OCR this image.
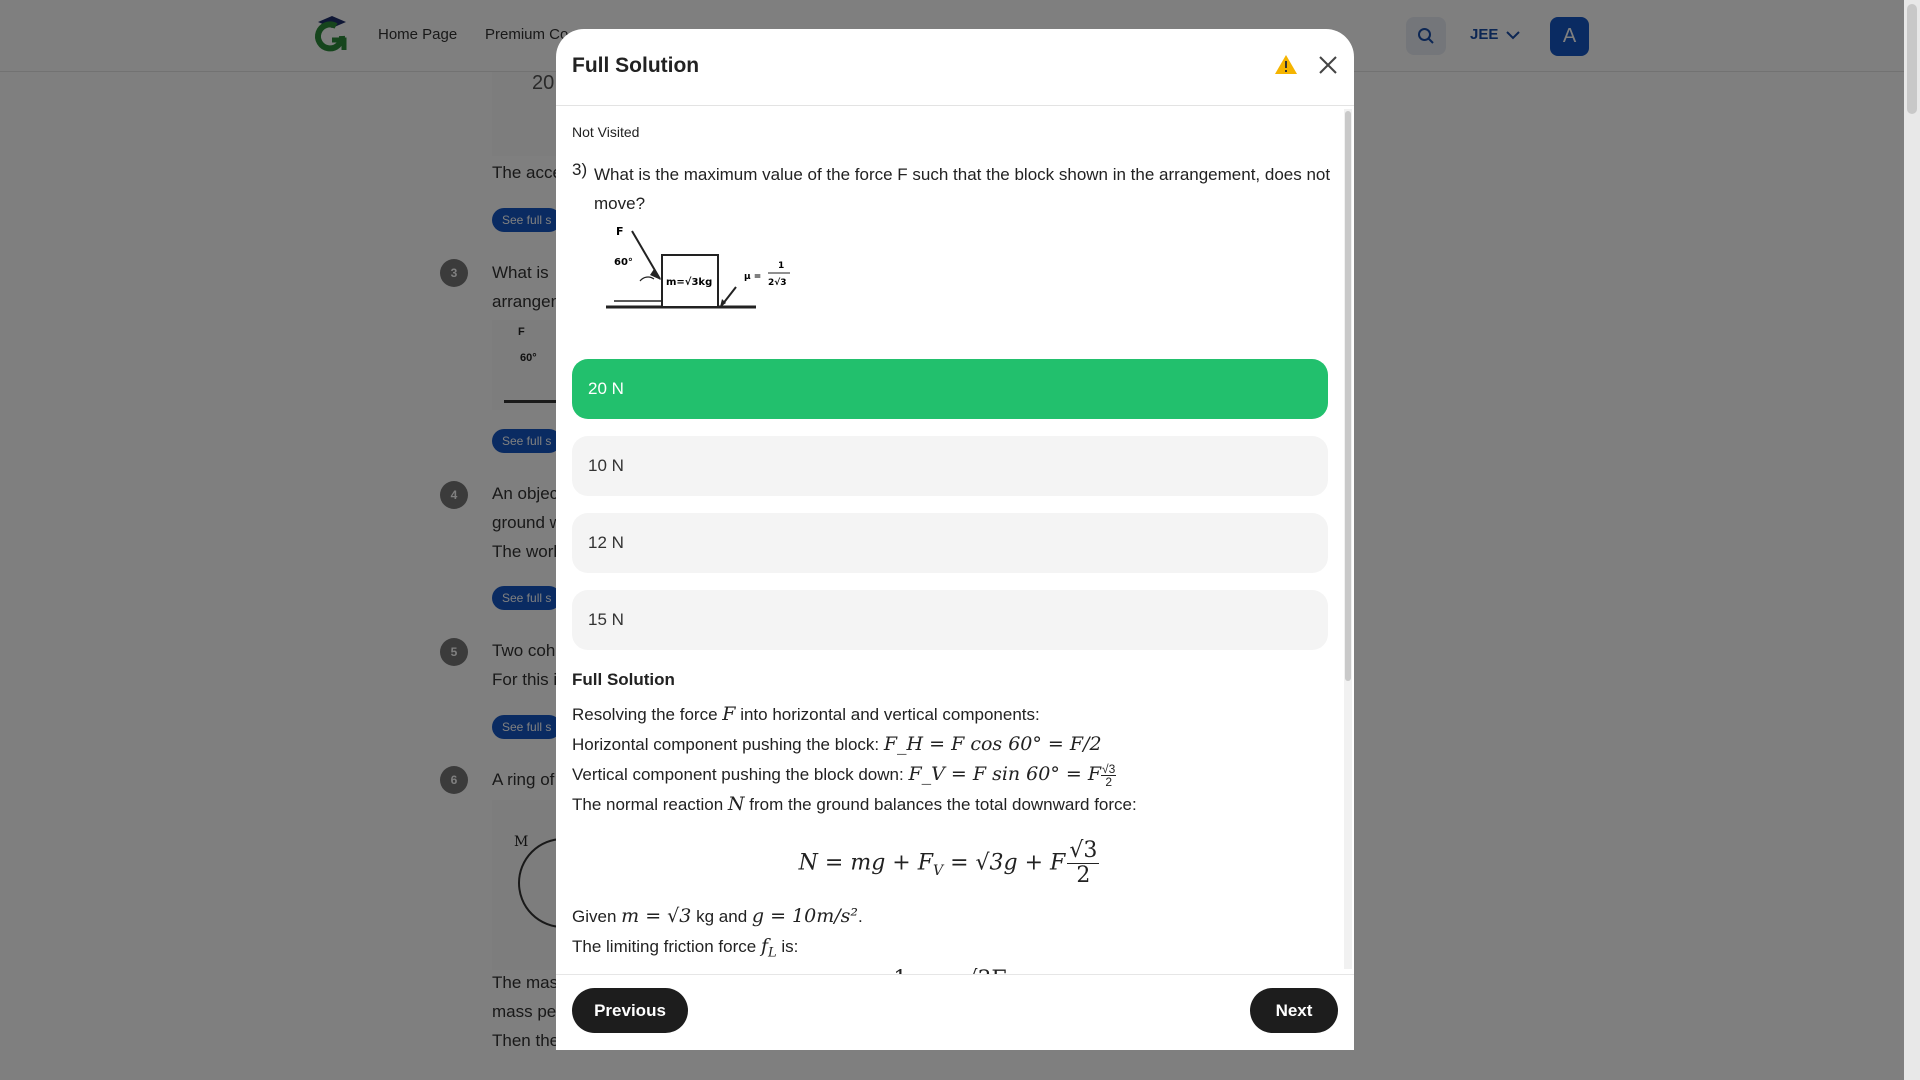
Full Solution
Not Visited
3) What is the maximum value of the force F such that the block shown in the arrangement, does not move?
F
60°
m=√3kg	μ =
1
2√3
20 N
10 N
12 N
15 N
Full Solution
Resolving the force F into horizontal and vertical components:
Horizontal component pushing the block: F_H = F cos 60° = F/2
Vertical component pushing the block down: F_V = F sin 60° = F $\frac{√3}{2}$
The normal reaction N from the ground balances the total downward force:
N = mg + $F_V = √3g + F \frac{√3}{2}$
Given m = √3 kg and g = 10m/s².
The limiting friction force $f_L$ is:
Previous	Next
